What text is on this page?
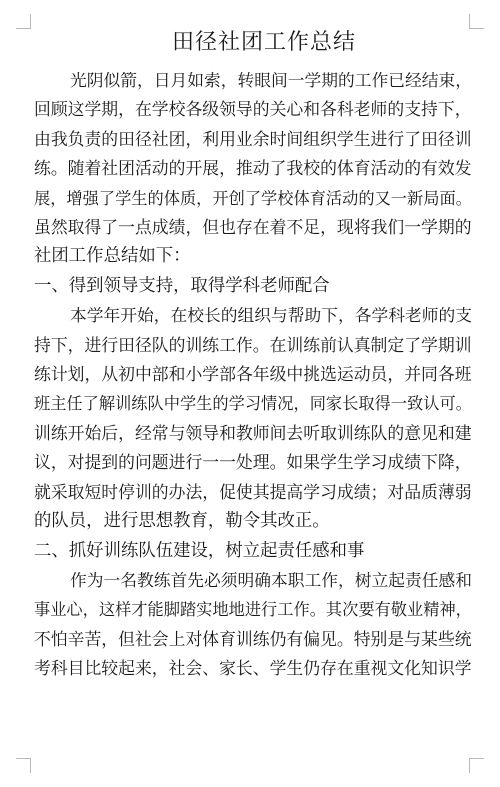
田径社团工作总结

光阴似箭，日月如索，转眼间一学期的工作已经结束，
回顾这学期，在学校各级领导的关心和各科老师的支持下，
由我负责的田径社团，利用业余时间组织学生进行了田径训
练。随着社团活动的开展，推动了我校的体育活动的有效发
展，增强了学生的体质，开创了学校体育活动的又一新局面。
虽然取得了一点成绩，但也存在着不足，现将我们一学期的
社团工作总结如下：

一、得到领导支持，取得学科老师配合

本学年开始，在校长的组织与帮助下，各学科老师的支
持下，进行田径队的训练工作。在训练前认真制定了学期训
练计划，从初中部和小学部各年级中挑选运动员，并同各班
班主任了解训练队中学生的学习情况，同家长取得一致认可。
训练开始后，经常与领导和教师间去听取训练队的意见和建
议，对提到的问题进行一一处理。如果学生学习成绩下降，
就采取短时停训的办法，促使其提高学习成绩；对品质薄弱
的队员，进行思想教育，勒令其改正。

二、抓好训练队伍建设，树立起责任感和事

作为一名教练首先必须明确本职工作，树立起责任感和
事业心，这样才能脚踏实地地进行工作。其次要有敬业精神，
不怕辛苦，但社会上对体育训练仍有偏见。特别是与某些统
考科目比较起来，社会、家长、学生仍存在重视文化知识学
